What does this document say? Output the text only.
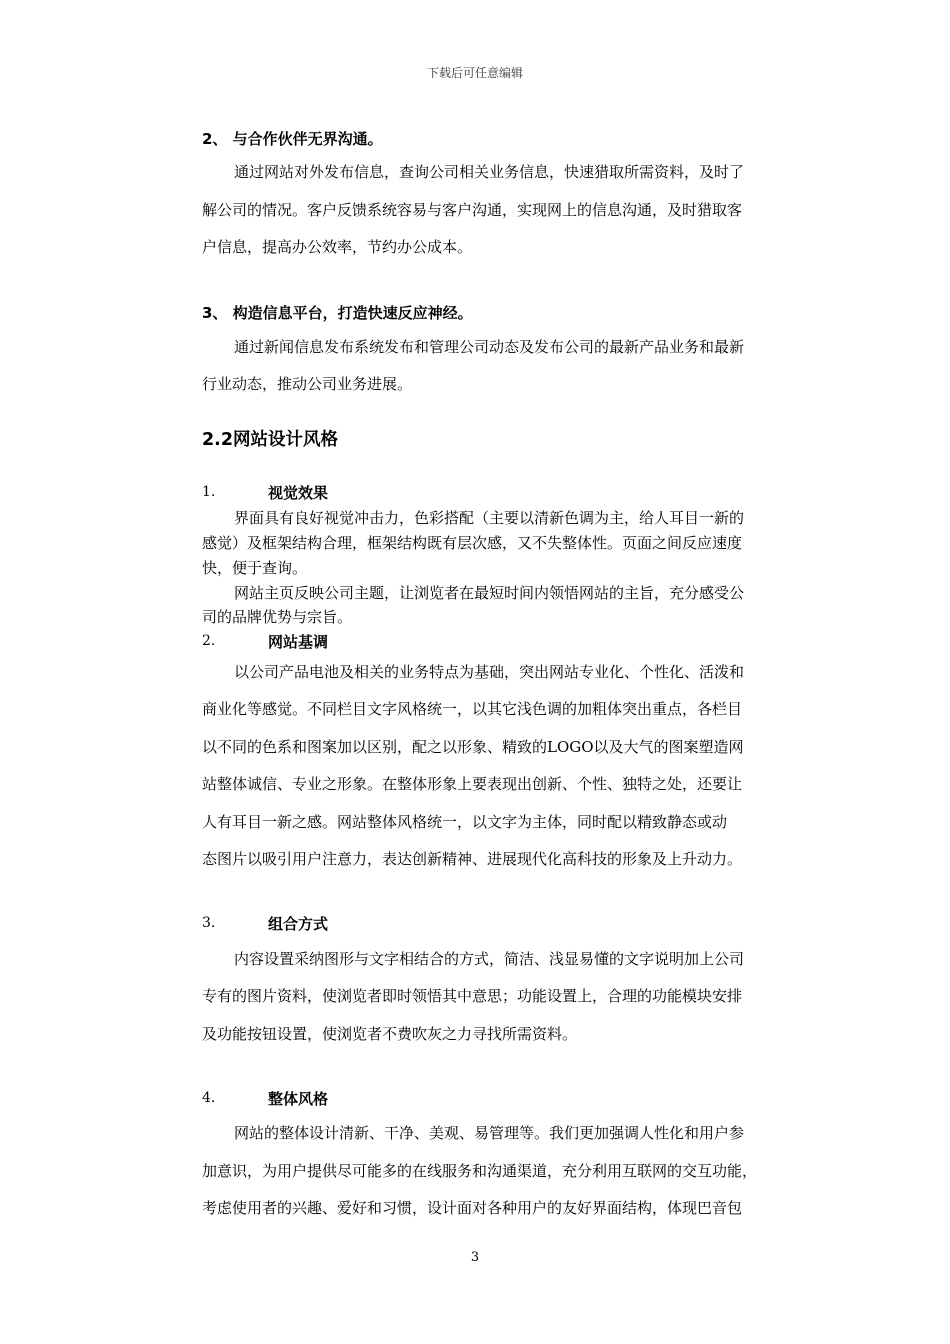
下载后可任意编辑
2、 与合作伙伴无界沟通。
通过网站对外发布信息，查询公司相关业务信息，快速猎取所需资料，及时了
解公司的情况。客户反馈系统容易与客户沟通，实现网上的信息沟通，及时猎取客
户信息，提高办公效率，节约办公成本。
3、 构造信息平台，打造快速反应神经。
通过新闻信息发布系统发布和管理公司动态及发布公司的最新产品业务和最新
行业动态，推动公司业务进展。
2.2网站设计风格
1.	视觉效果
界面具有良好视觉冲击力，色彩搭配（主要以清新色调为主，给人耳目一新的
感觉）及框架结构合理，框架结构既有层次感，又不失整体性。页面之间反应速度
快，便于查询。
网站主页反映公司主题，让浏览者在最短时间内领悟网站的主旨，充分感受公
司的品牌优势与宗旨。
2.	网站基调
以公司产品电池及相关的业务特点为基础，突出网站专业化、个性化、活泼和
商业化等感觉。不同栏目文字风格统一，以其它浅色调的加粗体突出重点，各栏目
以不同的色系和图案加以区别，配之以形象、精致的LOGO以及大气的图案塑造网
站整体诚信、专业之形象。在整体形象上要表现出创新、个性、独特之处，还要让
人有耳目一新之感。网站整体风格统一，以文字为主体，同时配以精致静态或动
态图片以吸引用户注意力，表达创新精神、进展现代化高科技的形象及上升动力。
3.	组合方式
内容设置采纳图形与文字相结合的方式，简洁、浅显易懂的文字说明加上公司
专有的图片资料，使浏览者即时领悟其中意思；功能设置上，合理的功能模块安排
及功能按钮设置，使浏览者不费吹灰之力寻找所需资料。
4.	整体风格
网站的整体设计清新、干净、美观、易管理等。我们更加强调人性化和用户参
加意识，为用户提供尽可能多的在线服务和沟通渠道，充分利用互联网的交互功能，
考虑使用者的兴趣、爱好和习惯，设计面对各种用户的友好界面结构，体现巴音包
3
